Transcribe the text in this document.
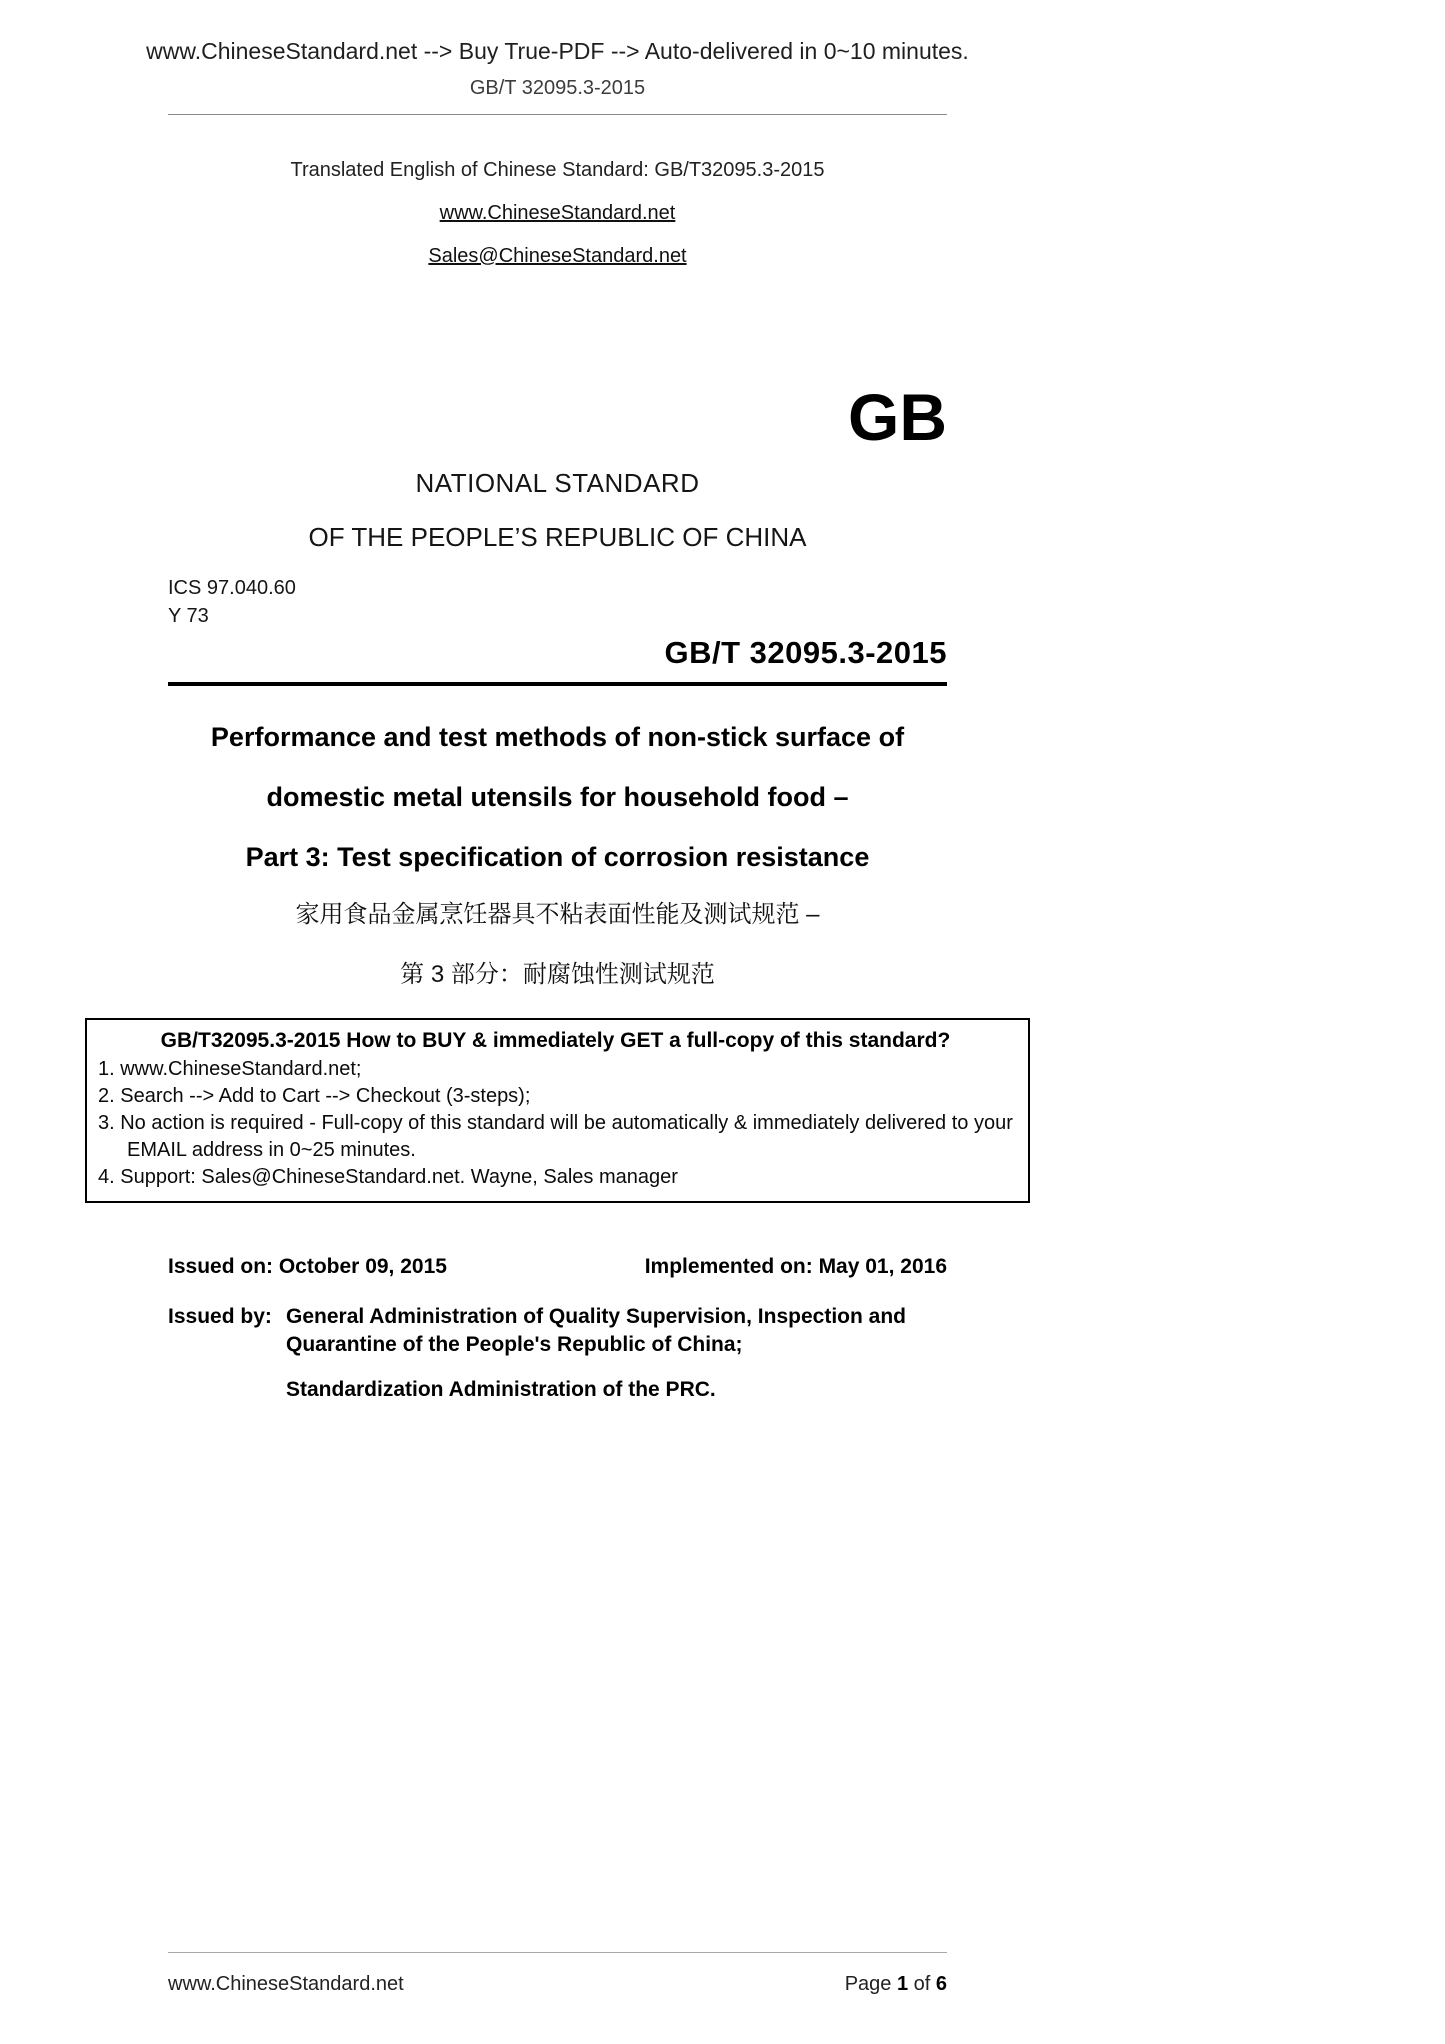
www.ChineseStandard.net --> Buy True-PDF --> Auto-delivered in 0~10 minutes.
GB/T 32095.3-2015
Translated English of Chinese Standard: GB/T32095.3-2015
www.ChineseStandard.net
Sales@ChineseStandard.net
GB
NATIONAL STANDARD
OF THE PEOPLE’S REPUBLIC OF CHINA
ICS 97.040.60
Y 73
GB/T 32095.3-2015
Performance and test methods of non-stick surface of
domestic metal utensils for household food –
Part 3: Test specification of corrosion resistance
家用食品金属烹饪器具不粘表面性能及测试规范 –
第 3 部分：耐腐蚀性测试规范
GB/T32095.3-2015 How to BUY & immediately GET a full-copy of this standard?
1. www.ChineseStandard.net;
2. Search --> Add to Cart --> Checkout (3-steps);
3. No action is required - Full-copy of this standard will be automatically & immediately delivered to your EMAIL address in 0~25 minutes.
4. Support: Sales@ChineseStandard.net. Wayne, Sales manager
Issued on: October 09, 2015	Implemented on: May 01, 2016
Issued by: General Administration of Quality Supervision, Inspection and Quarantine of the People's Republic of China;
Standardization Administration of the PRC.
www.ChineseStandard.net	Page 1 of 6
